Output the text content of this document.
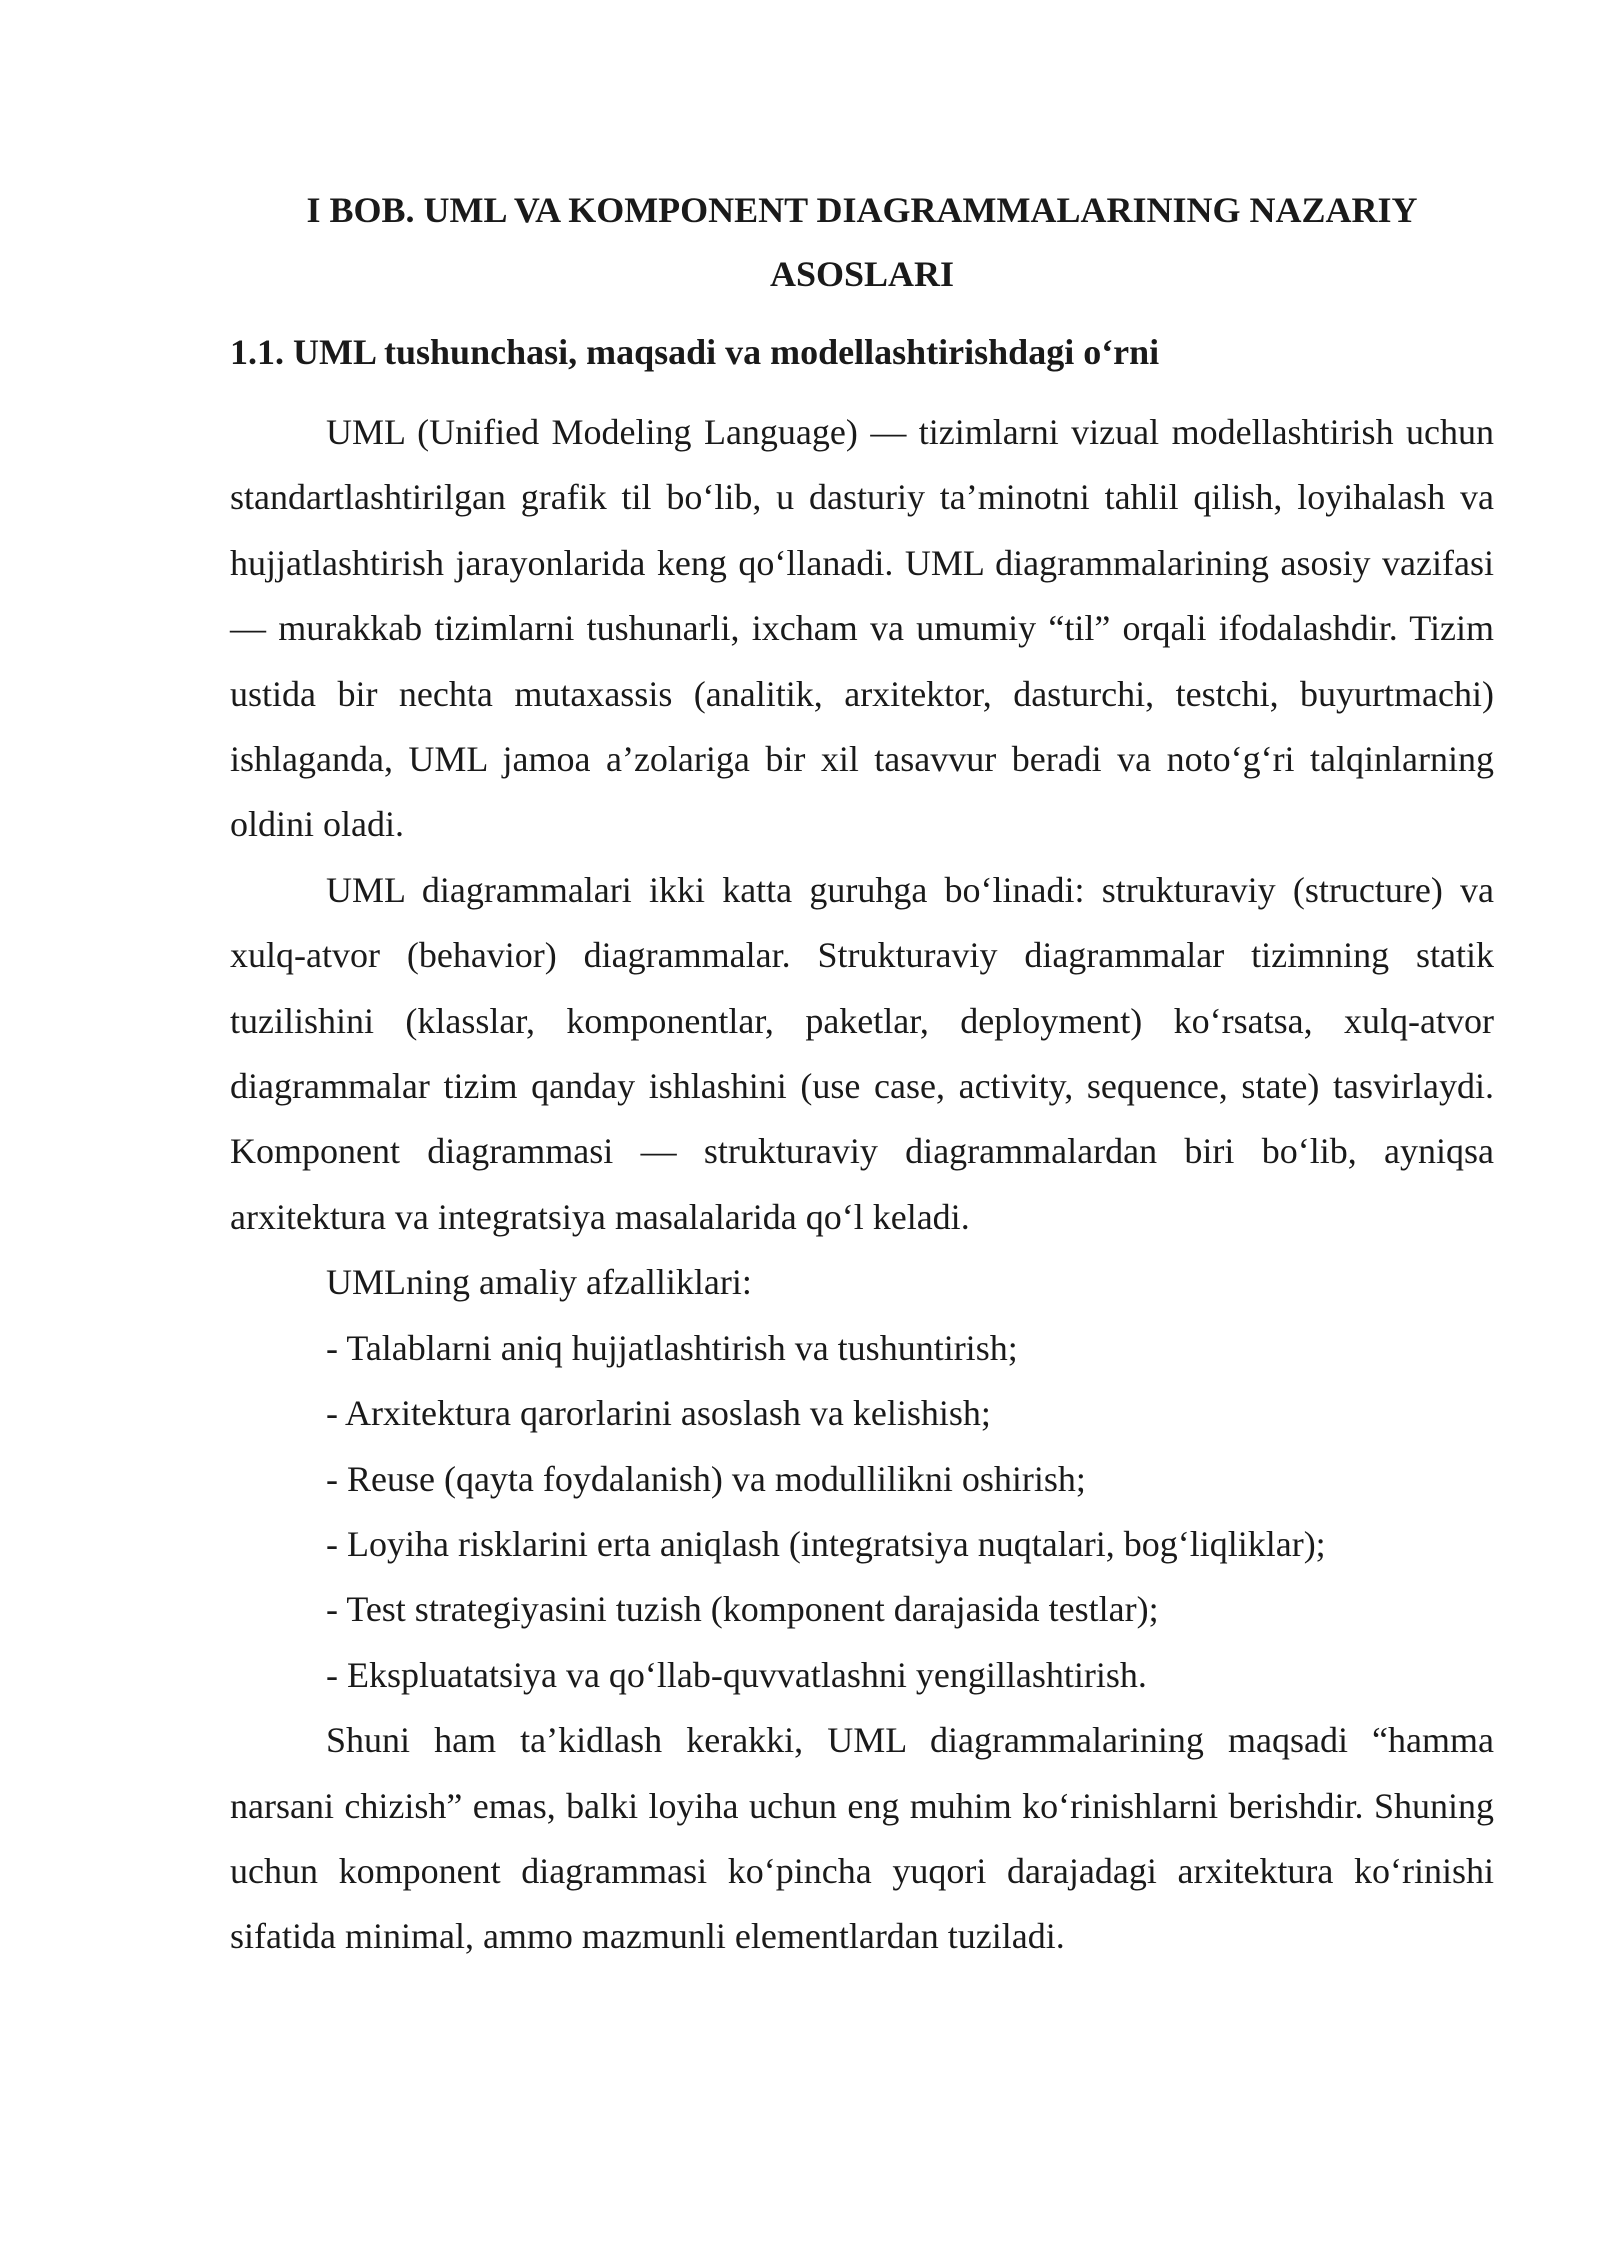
I BOB. UML VA KOMPONENT DIAGRAMMALARINING NAZARIY ASOSLARI
1.1. UML tushunchasi, maqsadi va modellashtirishdagi o‘rni

UML (Unified Modeling Language) — tizimlarni vizual modellashtirish uchun standartlashtirilgan grafik til bo‘lib, u dasturiy ta’minotni tahlil qilish, loyihalash va hujjatlashtirish jarayonlarida keng qo‘llanadi. UML diagrammalarining asosiy vazifasi — murakkab tizimlarni tushunarli, ixcham va umumiy “til” orqali ifodalashdir. Tizim ustida bir nechta mutaxassis (analitik, arxitektor, dasturchi, testchi, buyurtmachi) ishlaganda, UML jamoa a’zolariga bir xil tasavvur beradi va noto‘g‘ri talqinlarning oldini oladi.

UML diagrammalari ikki katta guruhga bo‘linadi: strukturaviy (structure) va xulq-atvor (behavior) diagrammalar. Strukturaviy diagrammalar tizimning statik tuzilishini (klasslar, komponentlar, paketlar, deployment) ko‘rsatsa, xulq-atvor diagrammalar tizim qanday ishlashini (use case, activity, sequence, state) tasvirlaydi. Komponent diagrammasi — strukturaviy diagrammalardan biri bo‘lib, ayniqsa arxitektura va integratsiya masalalarida qo‘l keladi.

UMLning amaliy afzalliklari:

- Talablarni aniq hujjatlashtirish va tushuntirish;
- Arxitektura qarorlarini asoslash va kelishish;
- Reuse (qayta foydalanish) va modullilikni oshirish;
- Loyiha risklarini erta aniqlash (integratsiya nuqtalari, bog‘liqliklar);
- Test strategiyasini tuzish (komponent darajasida testlar);
- Ekspluatatsiya va qo‘llab-quvvatlashni yengillashtirish.

Shuni ham ta’kidlash kerakki, UML diagrammalarining maqsadi “hamma narsani chizish” emas, balki loyiha uchun eng muhim ko‘rinishlarni berishdir. Shuning uchun komponent diagrammasi ko‘pincha yuqori darajadagi arxitektura ko‘rinishi sifatida minimal, ammo mazmunli elementlardan tuziladi.
